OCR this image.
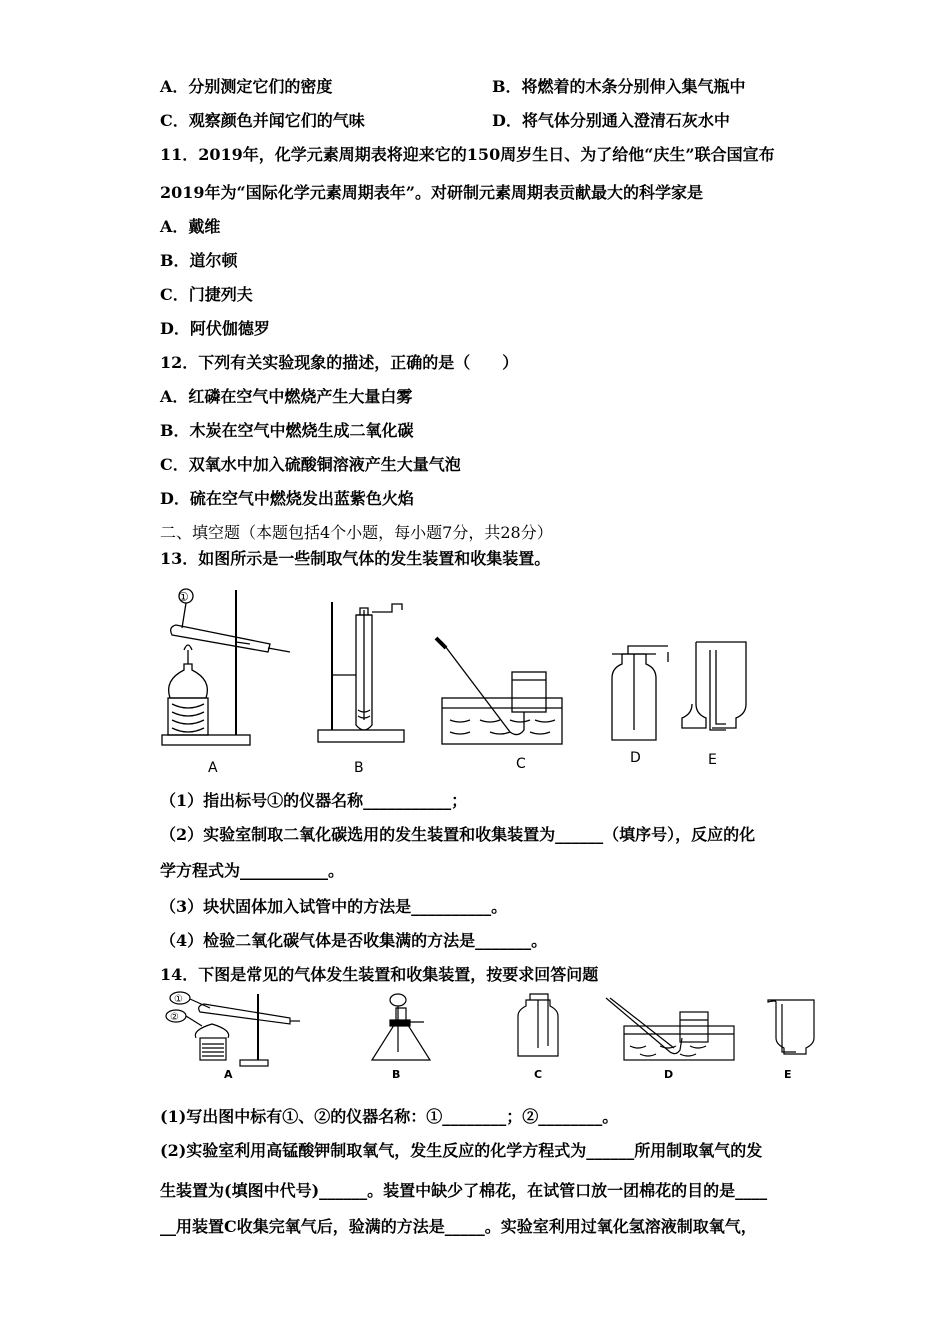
A．分别测定它们的密度	B．将燃着的木条分别伸入集气瓶中
C．观察颜色并闻它们的气味	D．将气体分别通入澄清石灰水中
11．2019年，化学元素周期表将迎来它的150周岁生日、为了给他“庆生”联合国宣布
2019年为“国际化学元素周期表年”。对研制元素周期表贡献最大的科学家是
A．戴维
B．道尔顿
C．门捷列夫
D．阿伏伽德罗
12．下列有关实验现象的描述，正确的是（　　）
A．红磷在空气中燃烧产生大量白雾
B．木炭在空气中燃烧生成二氧化碳
C．双氧水中加入硫酸铜溶液产生大量气泡
D．硫在空气中燃烧发出蓝紫色火焰
二、填空题（本题包括4个小题，每小题7分，共28分）
13．如图所示是一些制取气体的发生装置和收集装置。
A	B	C	D	E
①
（1）指出标号①的仪器名称___________；
（2）实验室制取二氧化碳选用的发生装置和收集装置为______（填序号），反应的化
学方程式为___________。
（3）块状固体加入试管中的方法是__________。
（4）检验二氧化碳气体是否收集满的方法是_______。
14．下图是常见的气体发生装置和收集装置，按要求回答问题
A	B	C	D	E
①
②
(1)写出图中标有①、②的仪器名称：①________；②________。
(2)实验室利用高锰酸钾制取氧气，发生反应的化学方程式为______所用制取氧气的发
生装置为(填图中代号)______。装置中缺少了棉花，在试管口放一团棉花的目的是____
__用装置C收集完氧气后，验满的方法是_____。实验室利用过氧化氢溶液制取氧气，
